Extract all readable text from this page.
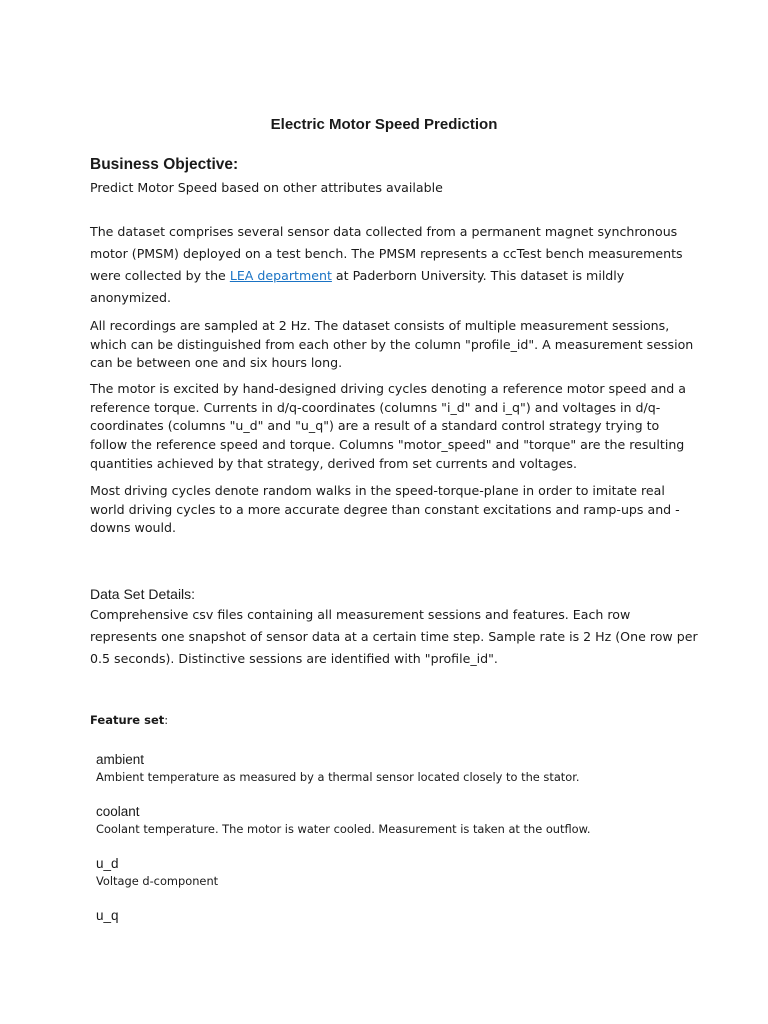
Electric Motor Speed Prediction
Business Objective:
Predict Motor Speed based on other attributes available
The dataset comprises several sensor data collected from a permanent magnet synchronous
motor (PMSM) deployed on a test bench. The PMSM represents a ccTest bench measurements
were collected by the LEA department at Paderborn University. This dataset is mildly
anonymized.
All recordings are sampled at 2 Hz. The dataset consists of multiple measurement sessions,
which can be distinguished from each other by the column "profile_id". A measurement session
can be between one and six hours long.
The motor is excited by hand-designed driving cycles denoting a reference motor speed and a
reference torque. Currents in d/q-coordinates (columns "i_d" and i_q") and voltages in d/q-
coordinates (columns "u_d" and "u_q") are a result of a standard control strategy trying to
follow the reference speed and torque. Columns "motor_speed" and "torque" are the resulting
quantities achieved by that strategy, derived from set currents and voltages.
Most driving cycles denote random walks in the speed-torque-plane in order to imitate real
world driving cycles to a more accurate degree than constant excitations and ramp-ups and -
downs would.
Data Set Details:
Comprehensive csv files containing all measurement sessions and features. Each row
represents one snapshot of sensor data at a certain time step. Sample rate is 2 Hz (One row per
0.5 seconds). Distinctive sessions are identified with "profile_id".
Feature set:
ambient
Ambient temperature as measured by a thermal sensor located closely to the stator.
coolant
Coolant temperature. The motor is water cooled. Measurement is taken at the outflow.
u_d
Voltage d-component
u_q
